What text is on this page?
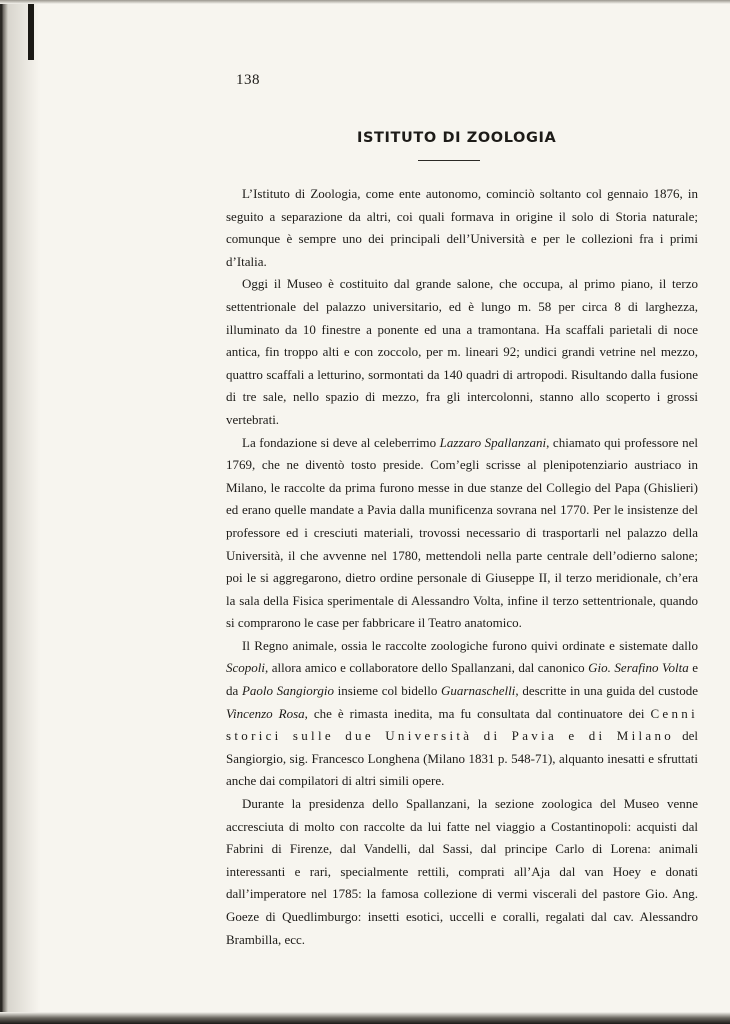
138
ISTITUTO DI ZOOLOGIA

L’Istituto di Zoologia, come ente autonomo, cominciò soltanto col gennaio 1876, in seguito a separazione da altri, coi quali formava in origine il solo di Storia naturale; comunque è sempre uno dei principali dell’Università e per le collezioni fra i primi d’Italia.

Oggi il Museo è costituito dal grande salone, che occupa, al primo piano, il terzo settentrionale del palazzo universitario, ed è lungo m. 58 per circa 8 di larghezza, illuminato da 10 finestre a ponente ed una a tramontana. Ha scaffali parietali di noce antica, fin troppo alti e con zoccolo, per m. lineari 92; undici grandi vetrine nel mezzo, quattro scaffali a letturino, sormontati da 140 quadri di artropodi. Risultando dalla fusione di tre sale, nello spazio di mezzo, fra gli intercolonni, stanno allo scoperto i grossi vertebrati.

La fondazione si deve al celeberrimo Lazzaro Spallanzani, chiamato qui professore nel 1769, che ne diventò tosto preside. Com’egli scrisse al plenipotenziario austriaco in Milano, le raccolte da prima furono messe in due stanze del Collegio del Papa (Ghislieri) ed erano quelle mandate a Pavia dalla munificenza sovrana nel 1770. Per le insistenze del professore ed i cresciuti materiali, trovossi necessario di trasportarli nel palazzo della Università, il che avvenne nel 1780, mettendoli nella parte centrale dell’odierno salone; poi le si aggregarono, dietro ordine personale di Giuseppe II, il terzo meridionale, ch’era la sala della Fisica sperimentale di Alessandro Volta, infine il terzo settentrionale, quando si comprarono le case per fabbricare il Teatro anatomico.

Il Regno animale, ossia le raccolte zoologiche furono quivi ordinate e sistemate dallo Scopoli, allora amico e collaboratore dello Spallanzani, dal canonico Gio. Serafino Volta e da Paolo Sangiorgio insieme col bidello Guarnaschelli, descritte in una guida del custode Vincenzo Rosa, che è rimasta inedita, ma fu consultata dal continuatore dei Cenni storici sulle due Università di Pavia e di Milano del Sangiorgio, sig. Francesco Longhena (Milano 1831 p. 548-71), alquanto inesatti e sfruttati anche dai compilatori di altri simili opere.

Durante la presidenza dello Spallanzani, la sezione zoologica del Museo venne accresciuta di molto con raccolte da lui fatte nel viaggio a Costantinopoli: acquisti dal Fabrini di Firenze, dal Vandelli, dal Sassi, dal principe Carlo di Lorena: animali interessanti e rari, specialmente rettili, comprati all’Aja dal van Hoey e donati dall’imperatore nel 1785: la famosa collezione di vermi viscerali del pastore Gio. Ang. Goeze di Quedlimburgo: insetti esotici, uccelli e coralli, regalati dal cav. Alessandro Brambilla, ecc.
